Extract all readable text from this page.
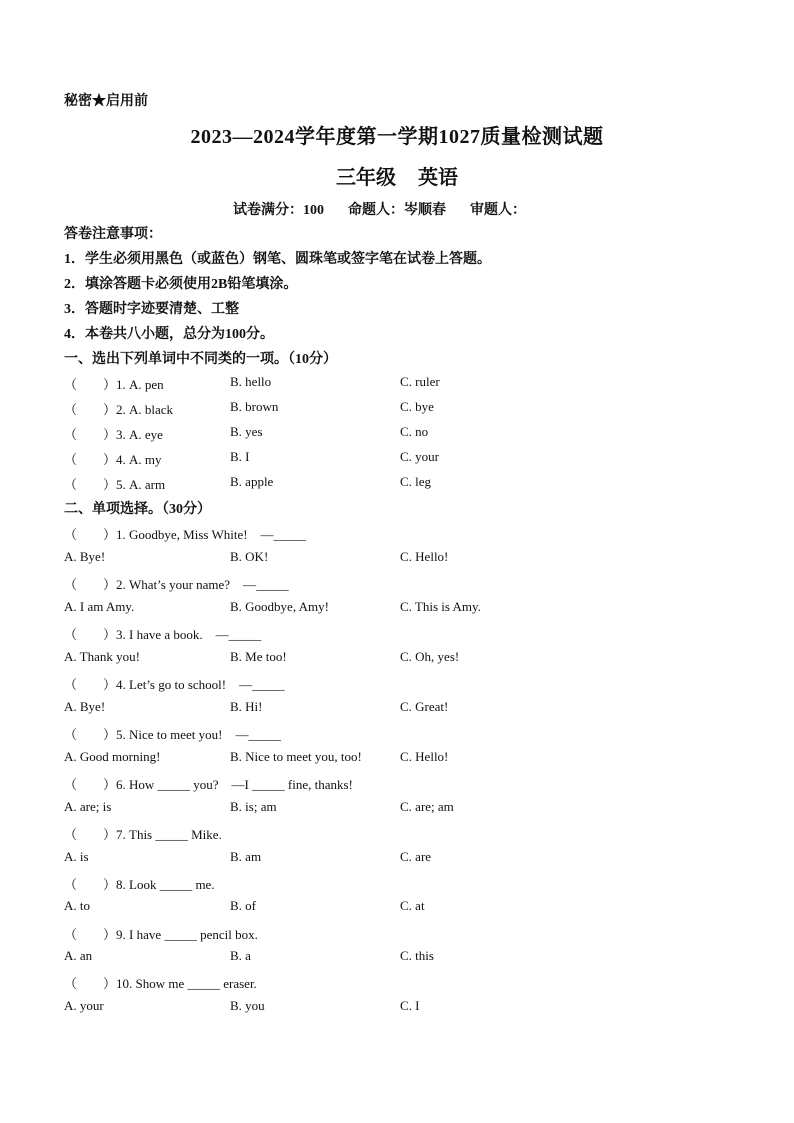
秘密★启用前
2023—2024学年度第一学期1027质量检测试题
三年级 英语
试卷满分：100 命题人：岑顺春 审题人：
答卷注意事项：
1．学生必须用黑色（或蓝色）钢笔、圆珠笔或签字笔在试卷上答题。
2．填涂答题卡必须使用2B铅笔填涂。
3．答题时字迹要清楚、工整
4．本卷共八小题，总分为100分。
一、选出下列单词中不同类的一项。（10分）
（　　）1. A. pen	B. hello	C. ruler
（　　）2. A. black	B. brown	C. bye
（　　）3. A. eye	B. yes	C. no
（　　）4. A. my	B. I	C. your
（　　）5. A. arm	B. apple	C. leg
二、单项选择。（30分）
（　　）1. Goodbye, Miss White!　—_____
A. Bye!	B. OK!	C. Hello!
（　　）2. What’s your name?　—_____
A. I am Amy.	B. Goodbye, Amy!	C. This is Amy.
（　　）3. I have a book.　—_____
A. Thank you!	B. Me too!	C. Oh, yes!
（　　）4. Let’s go to school!　—_____
A. Bye!	B. Hi!	C. Great!
（　　）5. Nice to meet you!　—_____
A. Good morning!	B. Nice to meet you, too!	C. Hello!
（　　）6. How _____ you?　—I _____ fine, thanks!
A. are; is	B. is; am	C. are; am
（　　）7. This _____ Mike.
A. is	B. am	C. are
（　　）8. Look _____ me.
A. to	B. of	C. at
（　　）9. I have _____ pencil box.
A. an	B. a	C. this
（　　）10. Show me _____ eraser.
A. your	B. you	C. I
